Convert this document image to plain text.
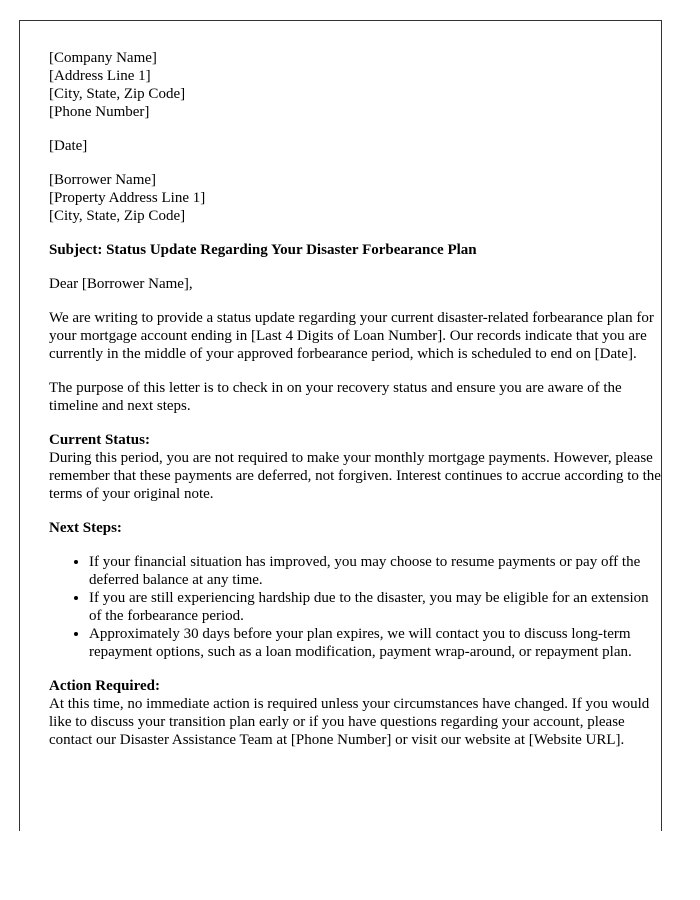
[Company Name]
[Address Line 1]
[City, State, Zip Code]
[Phone Number]

[Date]

[Borrower Name]
[Property Address Line 1]
[City, State, Zip Code]

Subject: Status Update Regarding Your Disaster Forbearance Plan

Dear [Borrower Name],

We are writing to provide a status update regarding your current disaster-related forbearance plan for your mortgage account ending in [Last 4 Digits of Loan Number]. Our records indicate that you are currently in the middle of your approved forbearance period, which is scheduled to end on [Date].

The purpose of this letter is to check in on your recovery status and ensure you are aware of the timeline and next steps.

Current Status:
During this period, you are not required to make your monthly mortgage payments. However, please remember that these payments are deferred, not forgiven. Interest continues to accrue according to the terms of your original note.

Next Steps:

• If your financial situation has improved, you may choose to resume payments or pay off the deferred balance at any time.
• If you are still experiencing hardship due to the disaster, you may be eligible for an extension of the forbearance period.
• Approximately 30 days before your plan expires, we will contact you to discuss long-term repayment options, such as a loan modification, payment wrap-around, or repayment plan.

Action Required:
At this time, no immediate action is required unless your circumstances have changed. If you would like to discuss your transition plan early or if you have questions regarding your account, please contact our Disaster Assistance Team at [Phone Number] or visit our website at [Website URL].
